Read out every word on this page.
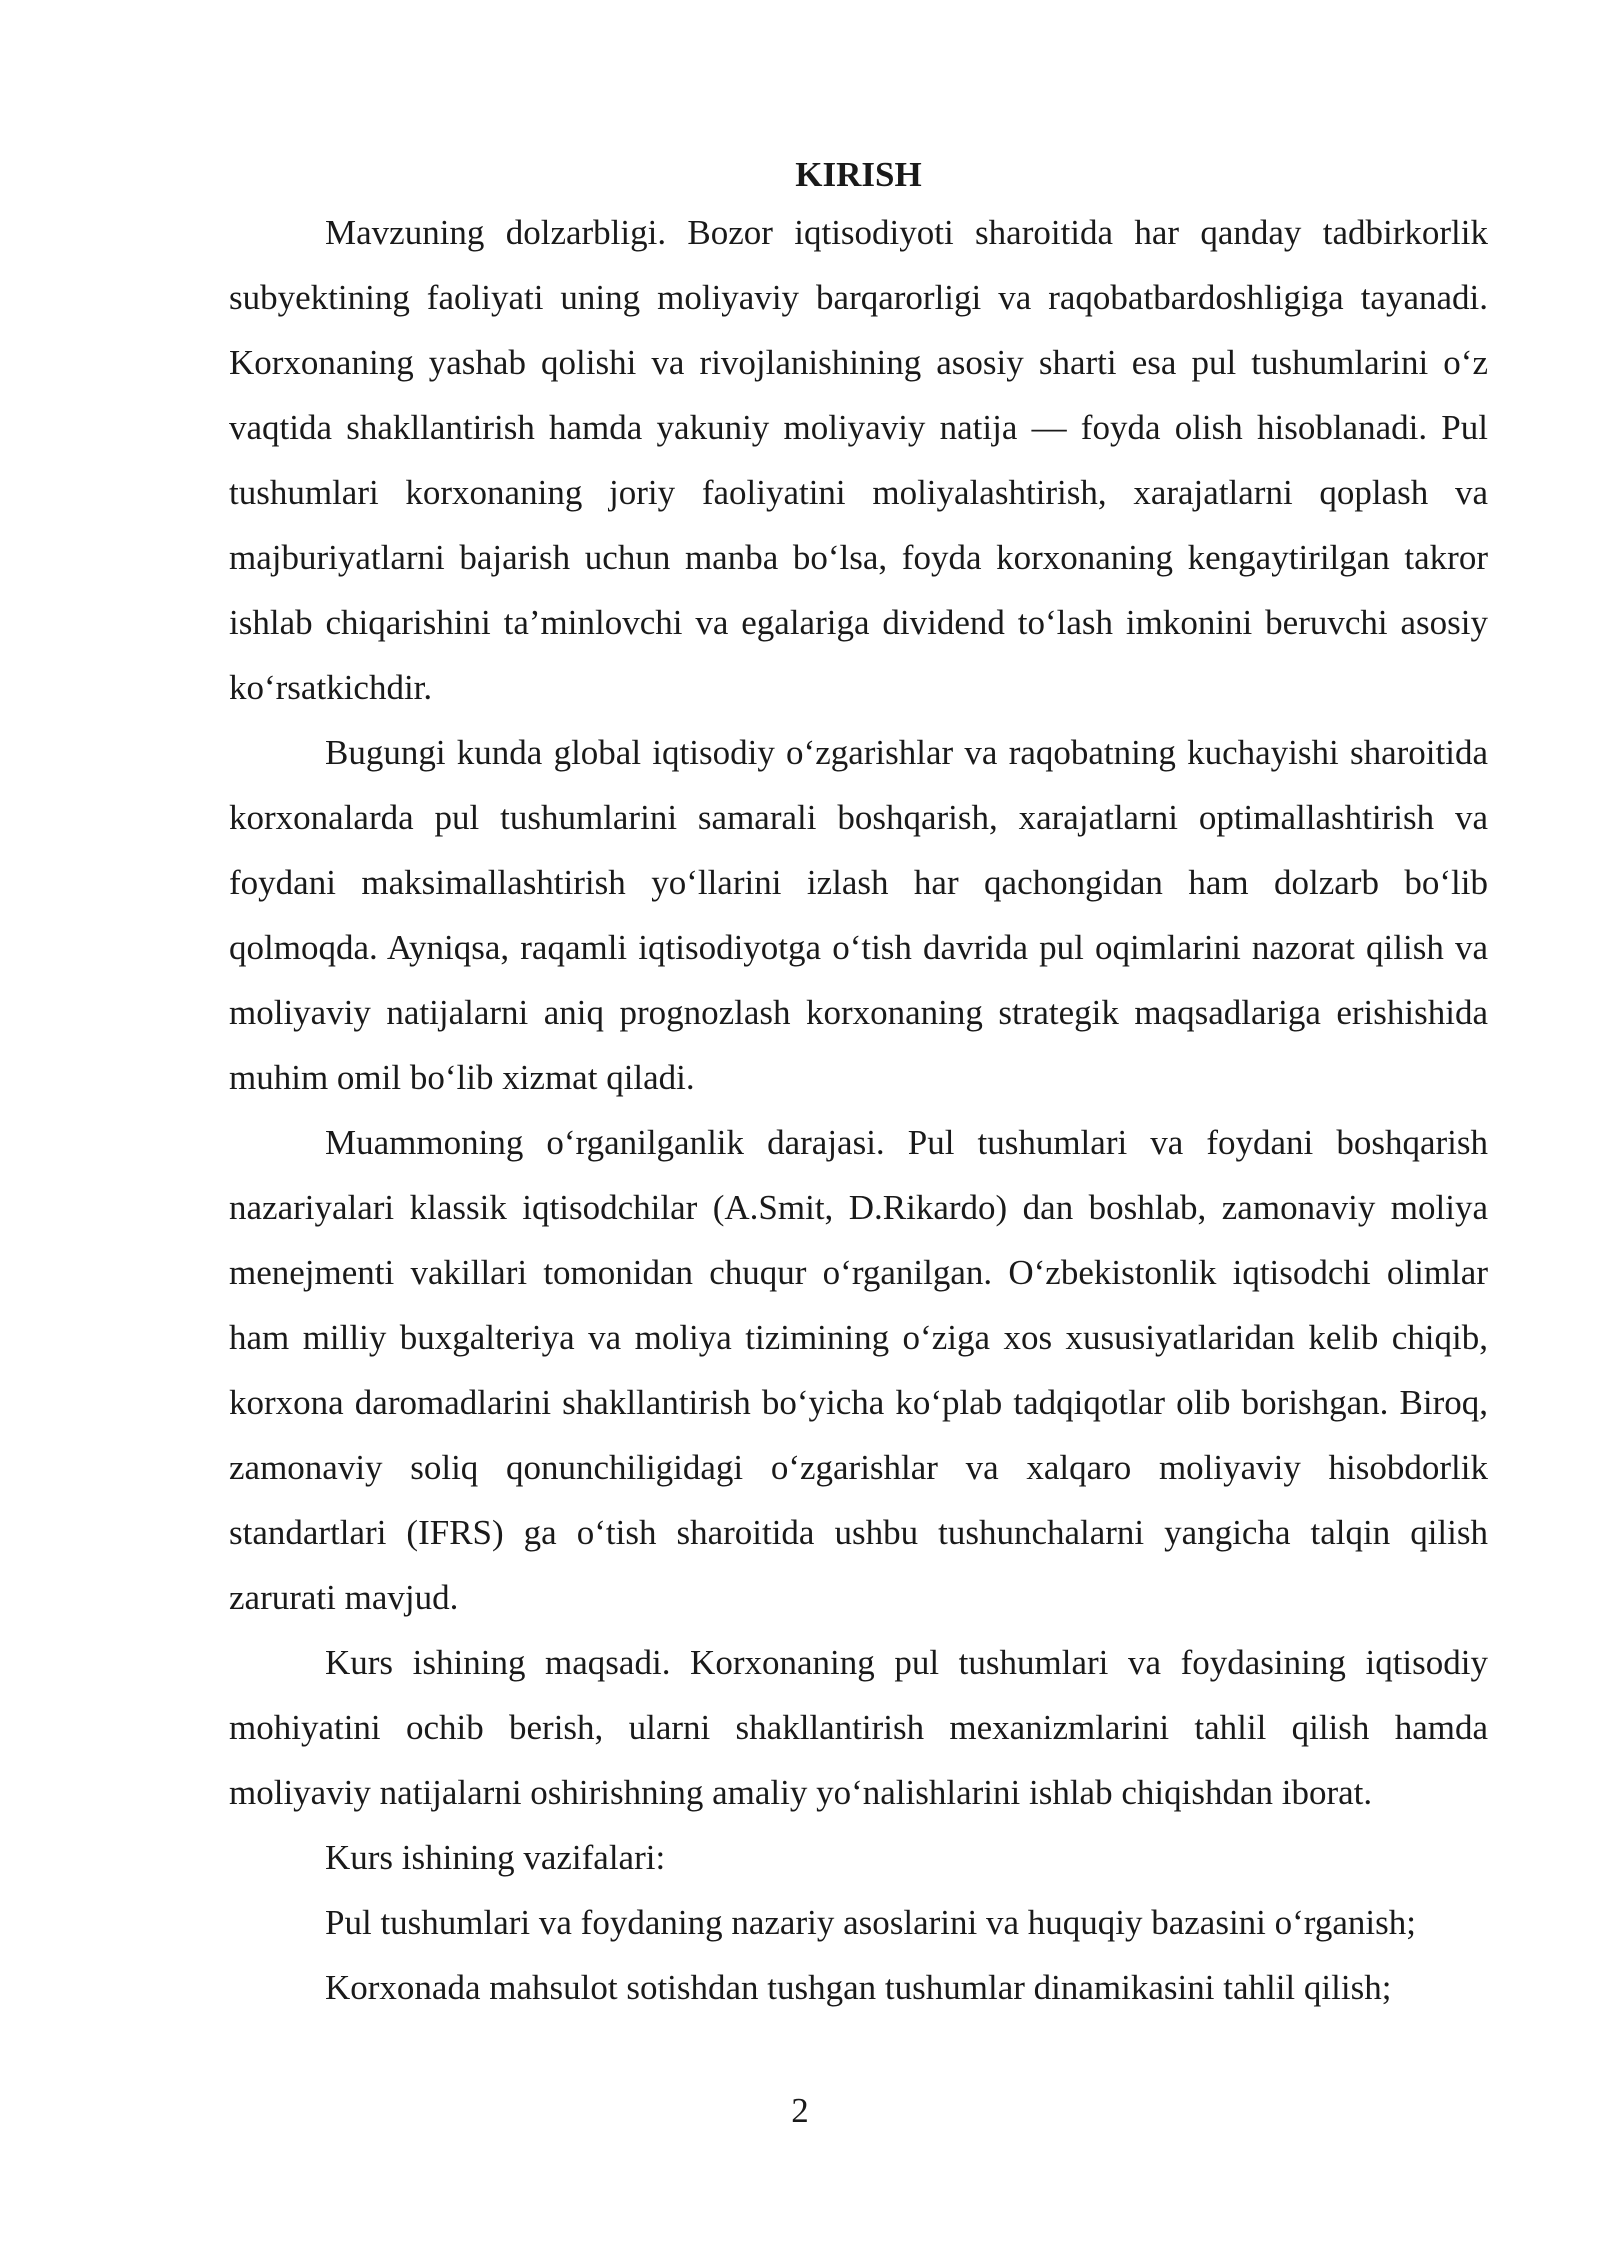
KIRISH

Mavzuning dolzarbligi. Bozor iqtisodiyoti sharoitida har qanday tadbirkorlik subyektining faoliyati uning moliyaviy barqarorligi va raqobatbardoshligiga tayanadi. Korxonaning yashab qolishi va rivojlanishining asosiy sharti esa pul tushumlarini o‘z vaqtida shakllantirish hamda yakuniy moliyaviy natija — foyda olish hisoblanadi. Pul tushumlari korxonaning joriy faoliyatini moliyalashtirish, xarajatlarni qoplash va majburiyatlarni bajarish uchun manba bo‘lsa, foyda korxonaning kengaytirilgan takror ishlab chiqarishini ta’minlovchi va egalariga dividend to‘lash imkonini beruvchi asosiy ko‘rsatkichdir.

Bugungi kunda global iqtisodiy o‘zgarishlar va raqobatning kuchayishi sharoitida korxonalarda pul tushumlarini samarali boshqarish, xarajatlarni optimallashtirish va foydani maksimallashtirish yo‘llarini izlash har qachongidan ham dolzarb bo‘lib qolmoqda. Ayniqsa, raqamli iqtisodiyotga o‘tish davrida pul oqimlarini nazorat qilish va moliyaviy natijalarni aniq prognozlash korxonaning strategik maqsadlariga erishishida muhim omil bo‘lib xizmat qiladi.

Muammoning o‘rganilganlik darajasi. Pul tushumlari va foydani boshqarish nazariyalari klassik iqtisodchilar (A.Smit, D.Rikardo) dan boshlab, zamonaviy moliya menejmenti vakillari tomonidan chuqur o‘rganilgan. O‘zbekistonlik iqtisodchi olimlar ham milliy buxgalteriya va moliya tizimining o‘ziga xos xususiyatlaridan kelib chiqib, korxona daromadlarini shakllantirish bo‘yicha ko‘plab tadqiqotlar olib borishgan. Biroq, zamonaviy soliq qonunchiligidagi o‘zgarishlar va xalqaro moliyaviy hisobdorlik standartlari (IFRS) ga o‘tish sharoitida ushbu tushunchalarni yangicha talqin qilish zarurati mavjud.

Kurs ishining maqsadi. Korxonaning pul tushumlari va foydasining iqtisodiy mohiyatini ochib berish, ularni shakllantirish mexanizmlarini tahlil qilish hamda moliyaviy natijalarni oshirishning amaliy yo‘nalishlarini ishlab chiqishdan iborat.

Kurs ishining vazifalari:

Pul tushumlari va foydaning nazariy asoslarini va huquqiy bazasini o‘rganish;

Korxonada mahsulot sotishdan tushgan tushumlar dinamikasini tahlil qilish;

2
